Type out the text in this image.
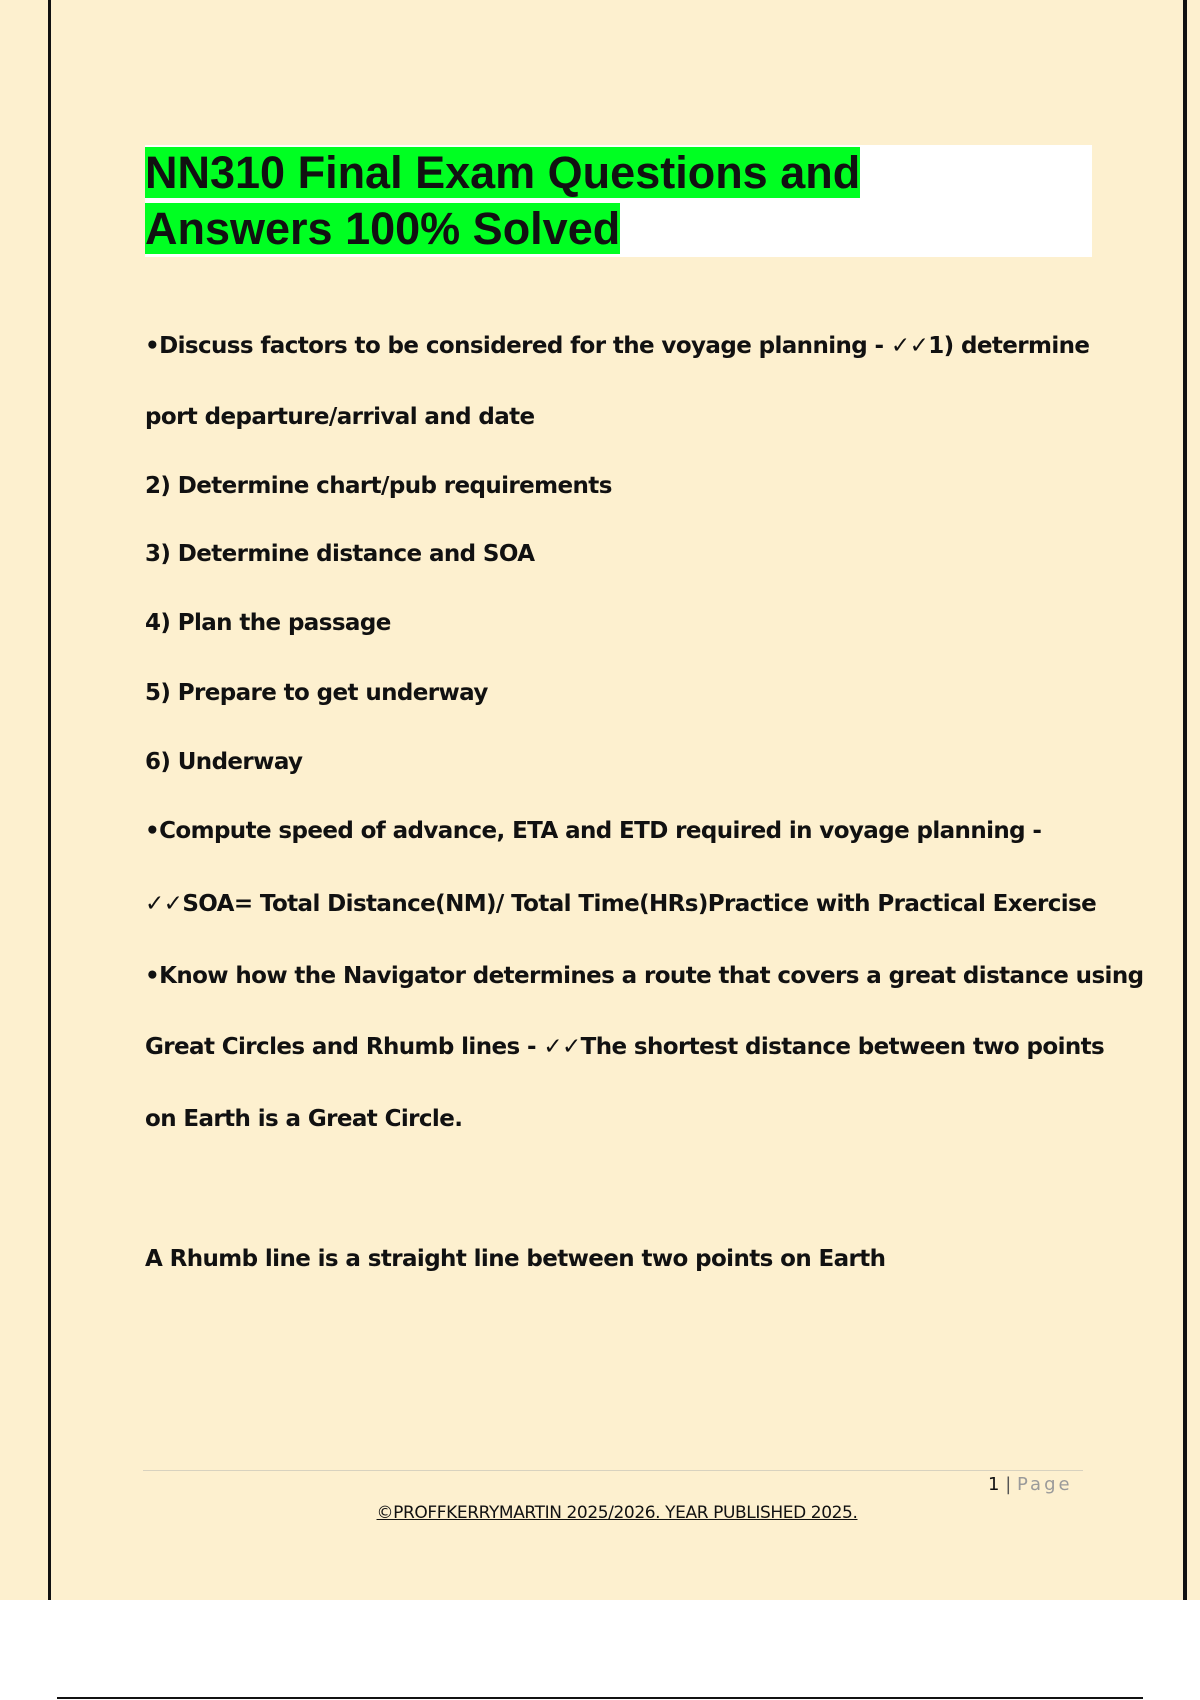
NN310 Final Exam Questions and
Answers 100% Solved
•Discuss factors to be considered for the voyage planning - ✓✓1) determine
port departure/arrival and date
2) Determine chart/pub requirements
3) Determine distance and SOA
4) Plan the passage
5) Prepare to get underway
6) Underway
•Compute speed of advance, ETA and ETD required in voyage planning -
✓✓SOA= Total Distance(NM)/ Total Time(HRs)Practice with Practical Exercise
•Know how the Navigator determines a route that covers a great distance using
Great Circles and Rhumb lines - ✓✓The shortest distance between two points
on Earth is a Great Circle.
A Rhumb line is a straight line between two points on Earth
1 | Page
©PROFFKERRYMARTIN 2025/2026. YEAR PUBLISHED 2025.
